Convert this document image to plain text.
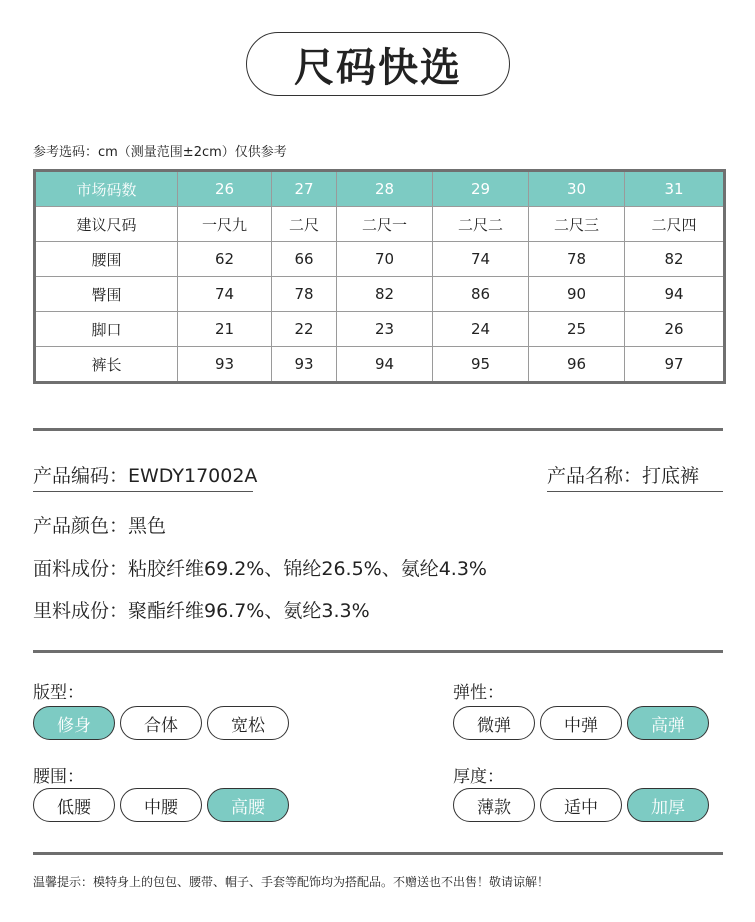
尺码快选
参考选码：cm（测量范围±2cm）仅供参考
市场码数	26	27	28	29	30	31
建议尺码	一尺九	二尺	二尺一	二尺二	二尺三	二尺四
腰围	62	66	70	74	78	82
臀围	74	78	82	86	90	94
脚口	21	22	23	24	25	26
裤长	93	93	94	95	96	97
产品编码：EWDY17002A	产品名称：打底裤
产品颜色：黑色
面料成份：粘胶纤维69.2%、锦纶26.5%、氨纶4.3%
里料成份：聚酯纤维96.7%、氨纶3.3%
版型：
修身	合体	宽松
弹性：
微弹	中弹	高弹
腰围：
低腰	中腰	高腰
厚度：
薄款	适中	加厚
温馨提示：模特身上的包包、腰带、帽子、手套等配饰均为搭配品。不赠送也不出售！敬请谅解！
